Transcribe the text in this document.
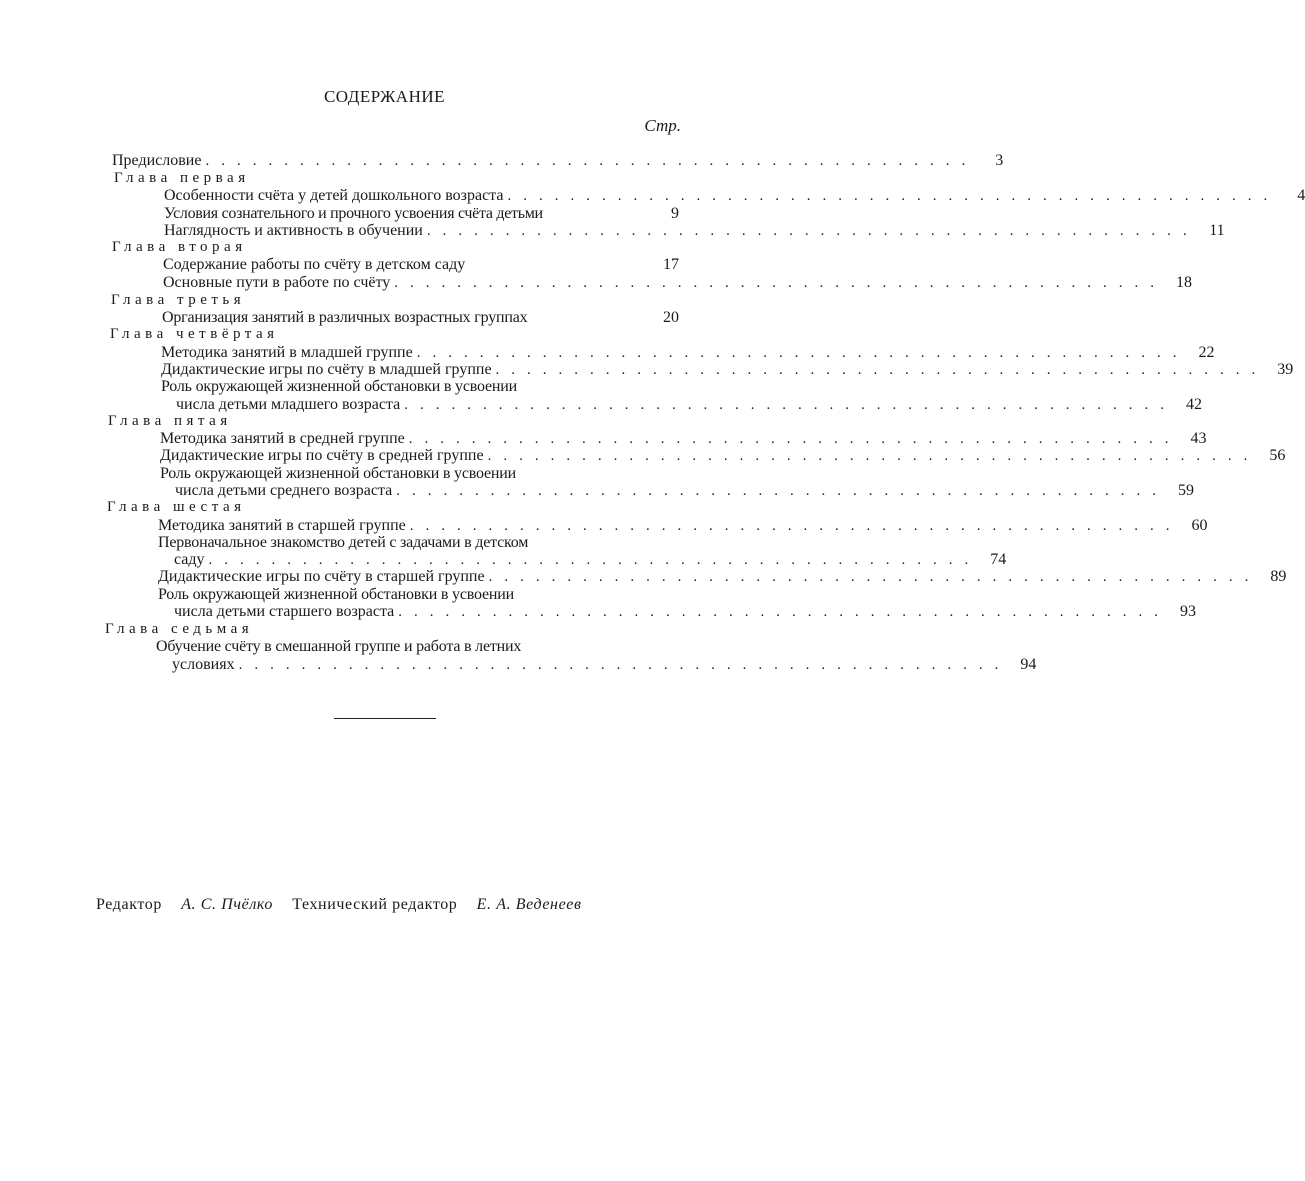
СОДЕРЖАНИЕ
Стр.
Предисловие .................................................	3
Глава первая
Особенности счёта у детей дошкольного возраста .................................................	4
Условия сознательного и прочного усвоения счёта детьми	9
Наглядность и активность в обучении ................................................. 11
Глава вторая
Содержание работы по счёту в детском саду	17
Основные пути в работе по счёту ................................................. 18
Глава третья
Организация занятий в различных возрастных группах	20
Глава четвёртая
Методика занятий в младшей группе ................................................. 22
Дидактические игры по счёту в младшей группе ................................................. 39
Роль окружающей жизненной обстановки в усвоении
числа детьми младшего возраста ................................................. 42
Глава пятая
Методика занятий в средней группе ................................................. 43
Дидактические игры по счёту в средней группе ................................................. 56
Роль окружающей жизненной обстановки в усвоении
числа детьми среднего возраста ................................................. 59
Глава шестая
Методика занятий в старшей группе ................................................. 60
Первоначальное знакомство детей с задачами в детском
саду ................................................. 74
Дидактические игры по счёту в старшей группе ................................................. 89
Роль окружающей жизненной обстановки в усвоении
числа детьми старшего возраста ................................................. 93
Глава седьмая
Обучение счёту в смешанной группе и работа в летних
условиях ................................................. 94
Редактор А. С. Пчёлко Технический редактор Е. А. Веденеев
